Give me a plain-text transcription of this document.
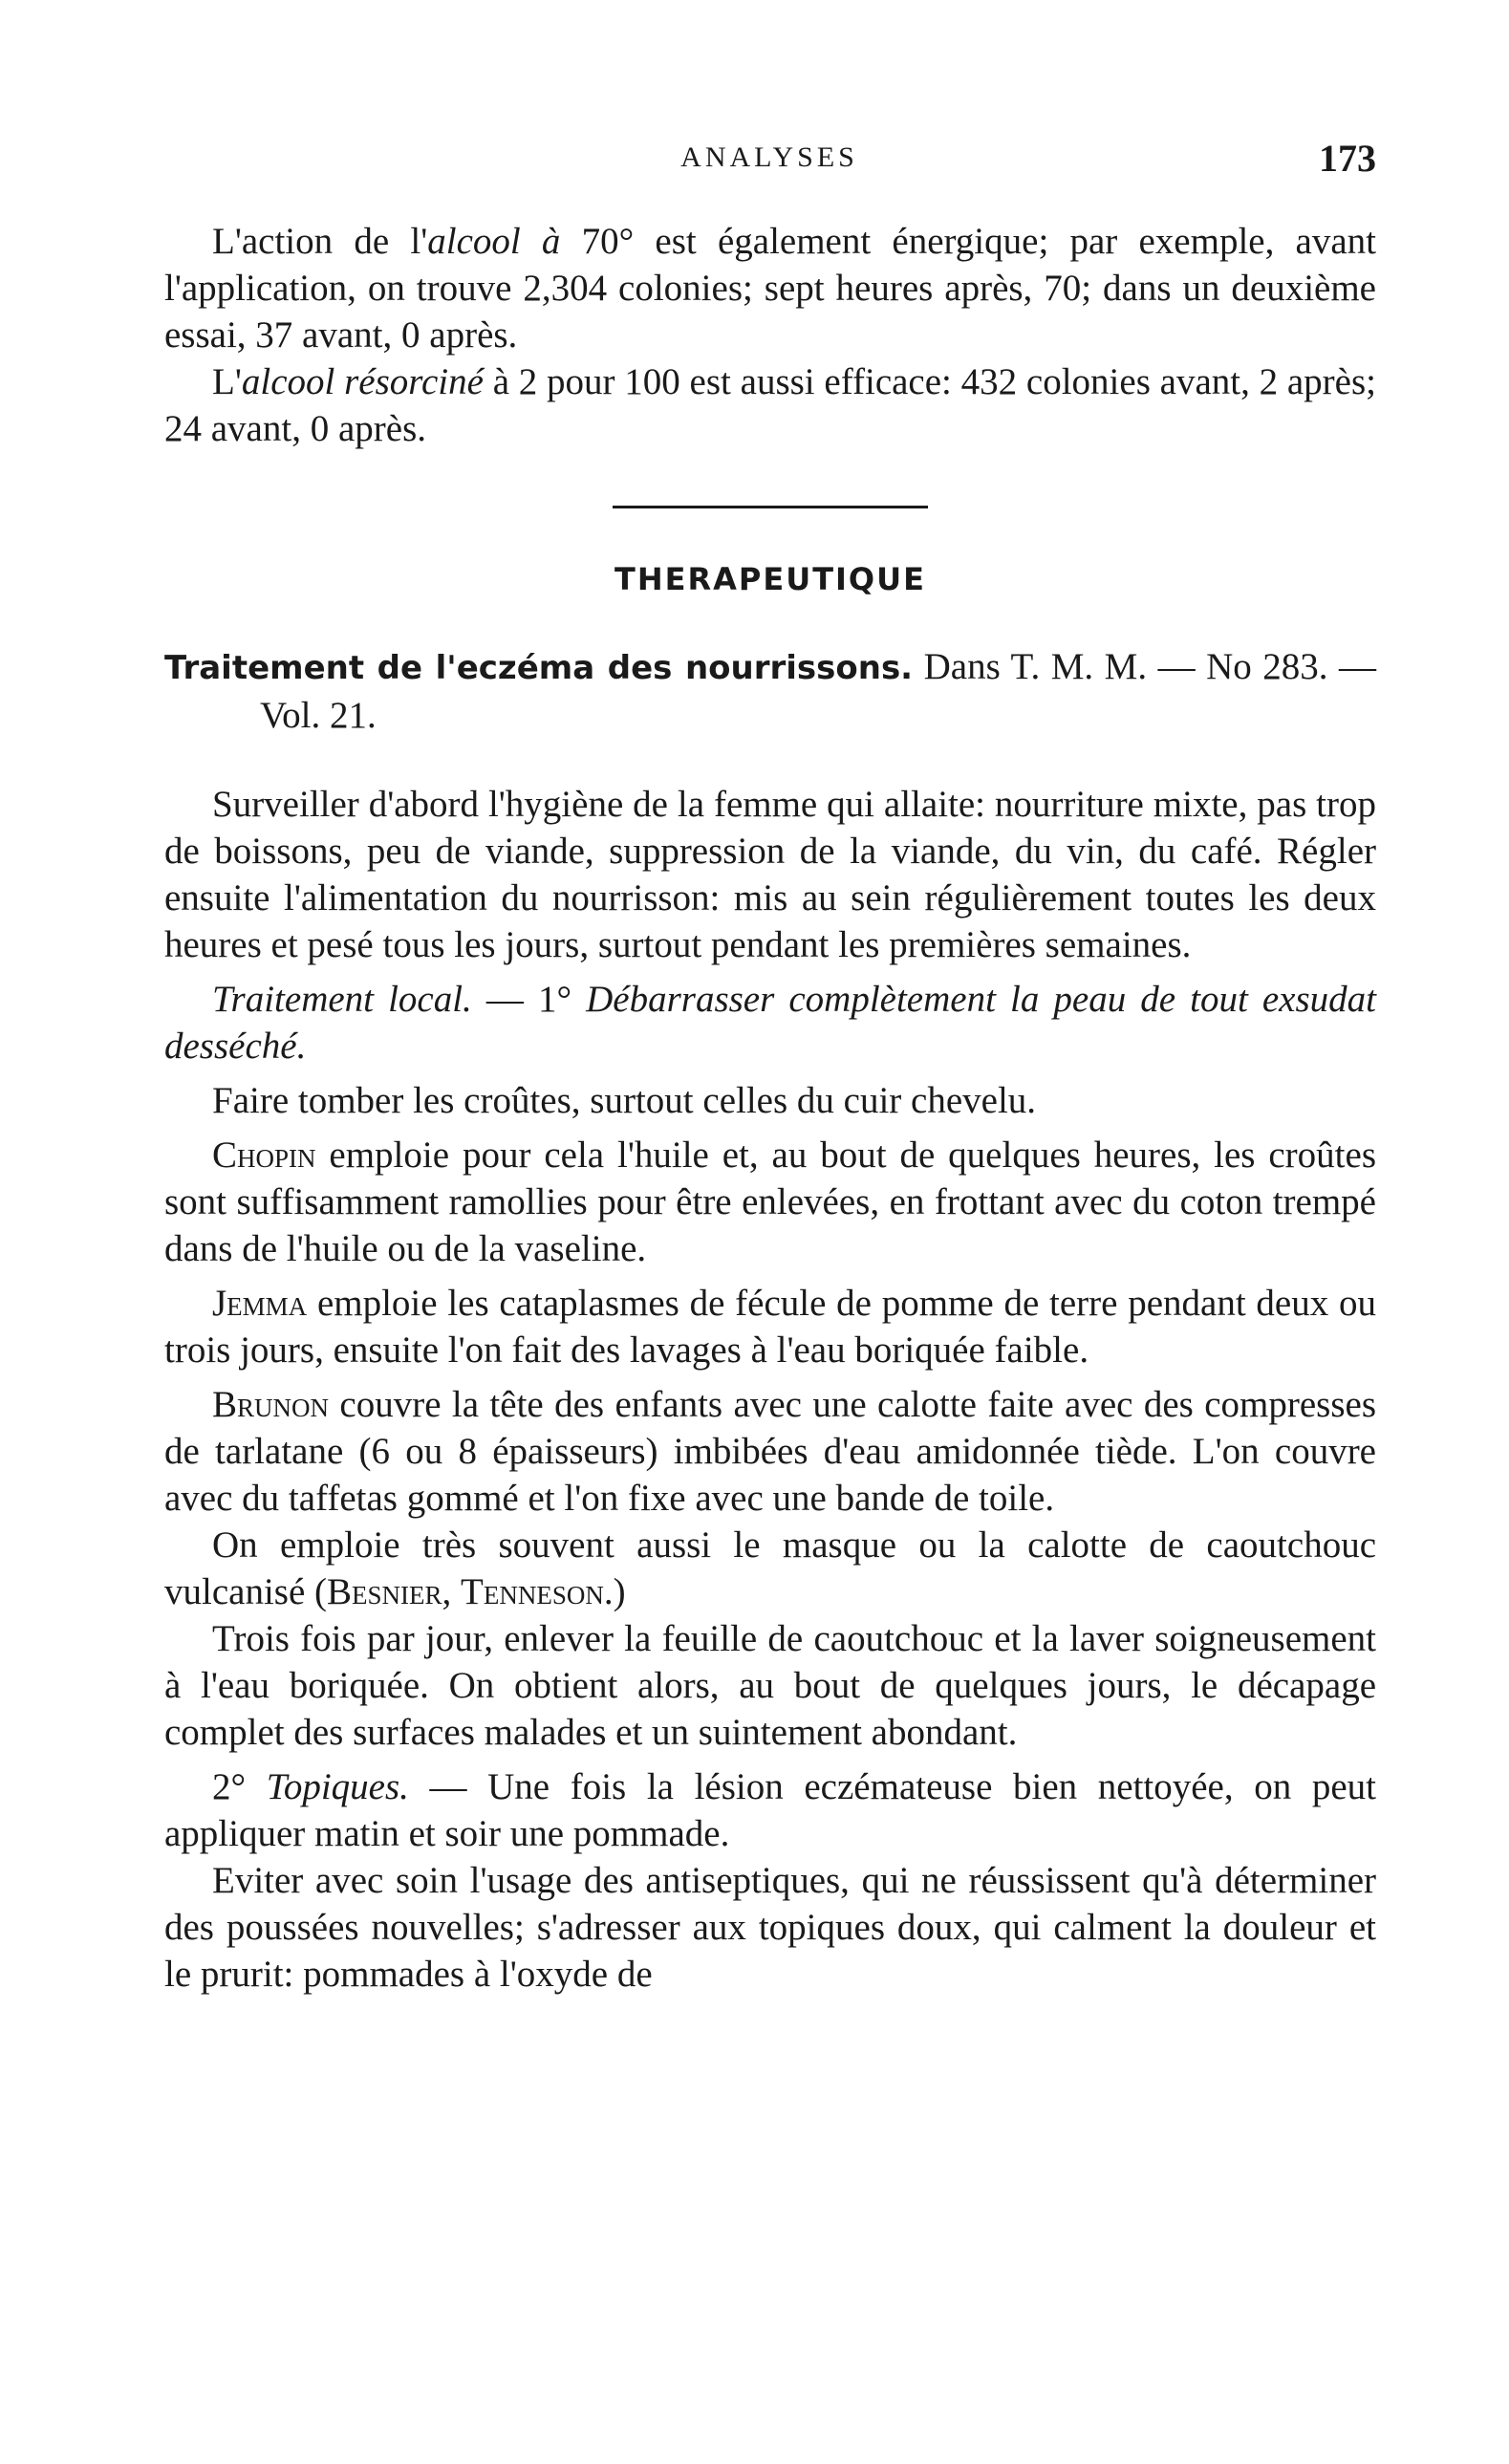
ANALYSES	173

L'action de l'alcool à 70° est également énergique; par exemple, avant l'application, on trouve 2,304 colonies; sept heures après, 70; dans un deuxième essai, 37 avant, 0 après.

L'alcool résorciné à 2 pour 100 est aussi efficace: 432 colonies avant, 2 après; 24 avant, 0 après.

THERAPEUTIQUE

Traitement de l'eczéma des nourrissons. Dans T. M. M. — No 283. — Vol. 21.

Surveiller d'abord l'hygiène de la femme qui allaite: nourriture mixte, pas trop de boissons, peu de viande, suppression de la viande, du vin, du café. Régler ensuite l'alimentation du nourrisson: mis au sein régulièrement toutes les deux heures et pesé tous les jours, surtout pendant les premières semaines.

Traitement local. — 1° Débarrasser complètement la peau de tout exsudat desséché.

Faire tomber les croûtes, surtout celles du cuir chevelu.

Chopin emploie pour cela l'huile et, au bout de quelques heures, les croûtes sont suffisamment ramollies pour être enlevées, en frottant avec du coton trempé dans de l'huile ou de la vaseline.

Jemma emploie les cataplasmes de fécule de pomme de terre pendant deux ou trois jours, ensuite l'on fait des lavages à l'eau boriquée faible.

Brunon couvre la tête des enfants avec une calotte faite avec des compresses de tarlatane (6 ou 8 épaisseurs) imbibées d'eau amidonnée tiède. L'on couvre avec du taffetas gommé et l'on fixe avec une bande de toile.

On emploie très souvent aussi le masque ou la calotte de caoutchouc vulcanisé (Besnier, Tenneson.)

Trois fois par jour, enlever la feuille de caoutchouc et la laver soigneusement à l'eau boriquée. On obtient alors, au bout de quelques jours, le décapage complet des surfaces malades et un suintement abondant.

2° Topiques. — Une fois la lésion eczémateuse bien nettoyée, on peut appliquer matin et soir une pommade.

Eviter avec soin l'usage des antiseptiques, qui ne réussissent qu'à déterminer des poussées nouvelles; s'adresser aux topiques doux, qui calment la douleur et le prurit: pommades à l'oxyde de
